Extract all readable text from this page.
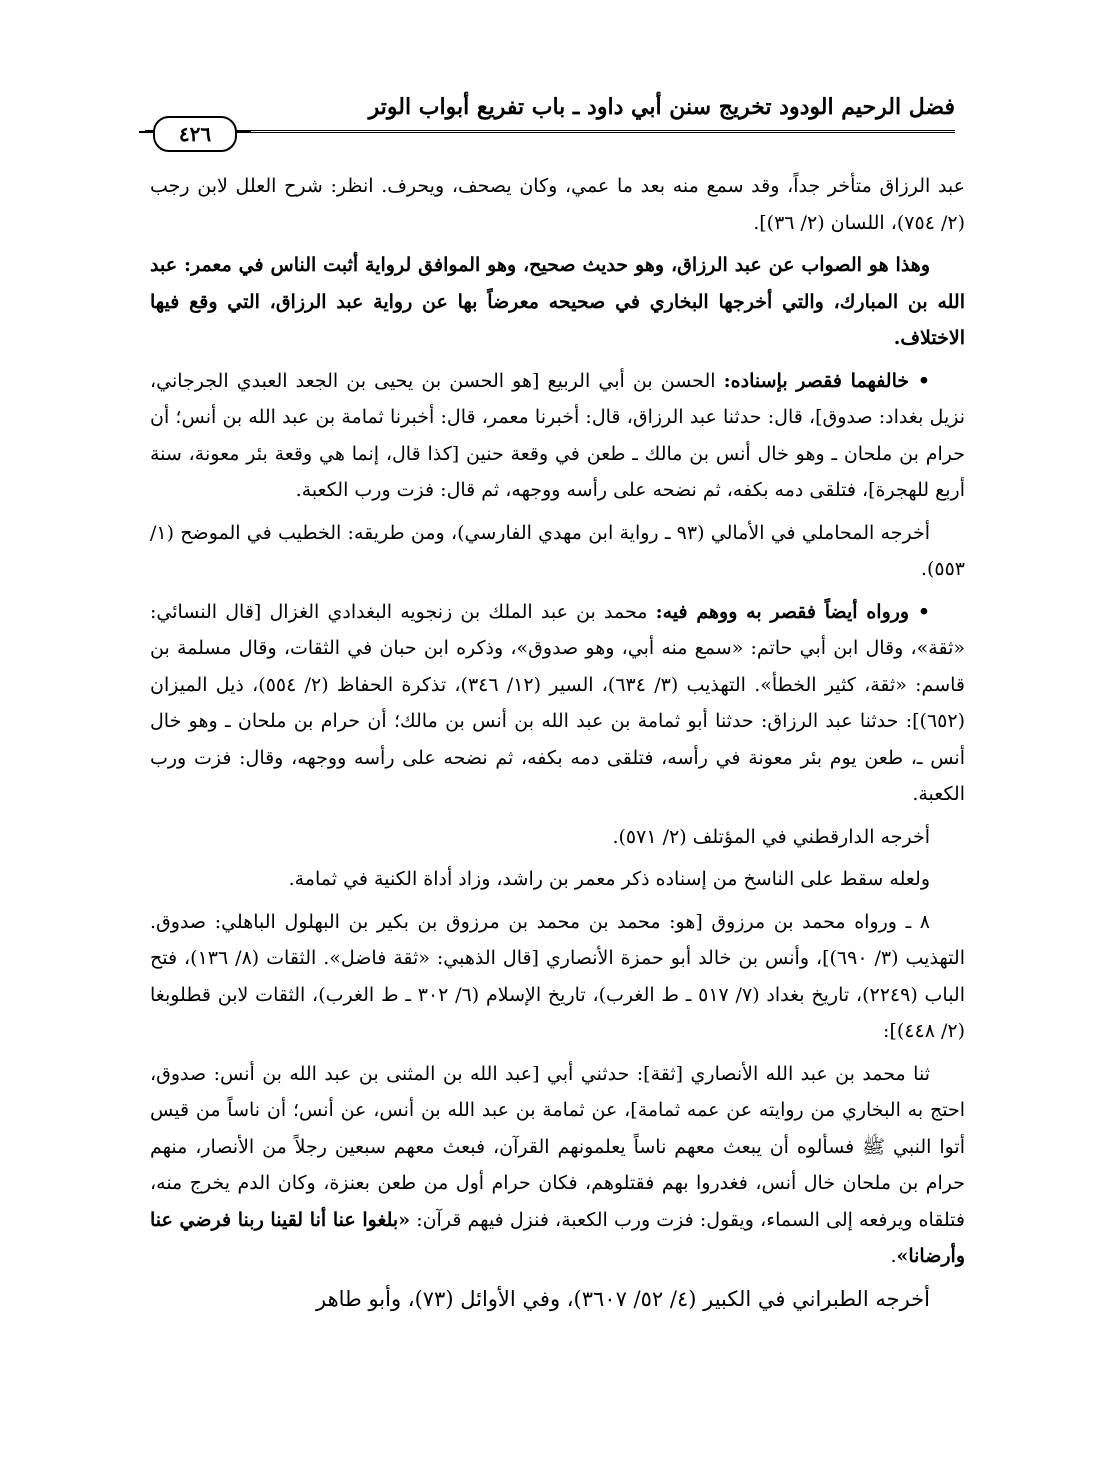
فضل الرحيم الودود تخريج سنن أبي داود ـ باب تفريع أبواب الوتر
٤٢٦

عبد الرزاق متأخر جداً، وقد سمع منه بعد ما عمي، وكان يصحف، ويحرف. انظر: شرح العلل لابن رجب (٢/ ٧٥٤)، اللسان (٢/ ٣٦)].

وهذا هو الصواب عن عبد الرزاق، وهو حديث صحيح، وهو الموافق لرواية أثبت الناس في معمر: عبد الله بن المبارك، والتي أخرجها البخاري في صحيحه معرضاً بها عن رواية عبد الرزاق، التي وقع فيها الاختلاف.

• خالفهما فقصر بإسناده: الحسن بن أبي الربيع [هو الحسن بن يحيى بن الجعد العبدي الجرجاني، نزيل بغداد: صدوق]، قال: حدثنا عبد الرزاق، قال: أخبرنا معمر، قال: أخبرنا ثمامة بن عبد الله بن أنس؛ أن حرام بن ملحان ـ وهو خال أنس بن مالك ـ طعن في وقعة حنين [كذا قال، إنما هي وقعة بئر معونة، سنة أربع للهجرة]، فتلقى دمه بكفه، ثم نضحه على رأسه ووجهه، ثم قال: فزت ورب الكعبة.

أخرجه المحاملي في الأمالي (٩٣ ـ رواية ابن مهدي الفارسي)، ومن طريقه: الخطيب في الموضح (١/ ٥٥٣).

• ورواه أيضاً فقصر به ووهم فيه: محمد بن عبد الملك بن زنجويه البغدادي الغزال [قال النسائي: «ثقة»، وقال ابن أبي حاتم: «سمع منه أبي، وهو صدوق»، وذكره ابن حبان في الثقات، وقال مسلمة بن قاسم: «ثقة، كثير الخطأ». التهذيب (٣/ ٦٣٤)، السير (١٢/ ٣٤٦)، تذكرة الحفاظ (٢/ ٥٥٤)، ذيل الميزان (٦٥٢)]: حدثنا عبد الرزاق: حدثنا أبو ثمامة بن عبد الله بن أنس بن مالك؛ أن حرام بن ملحان ـ وهو خال أنس ـ، طعن يوم بئر معونة في رأسه، فتلقى دمه بكفه، ثم نضحه على رأسه ووجهه، وقال: فزت ورب الكعبة.

أخرجه الدارقطني في المؤتلف (٢/ ٥٧١).

ولعله سقط على الناسخ من إسناده ذكر معمر بن راشد، وزاد أداة الكنية في ثمامة.

٨ ـ ورواه محمد بن مرزوق [هو: محمد بن محمد بن مرزوق بن بكير بن البهلول الباهلي: صدوق. التهذيب (٣/ ٦٩٠)]، وأنس بن خالد أبو حمزة الأنصاري [قال الذهبي: «ثقة فاضل». الثقات (٨/ ١٣٦)، فتح الباب (٢٢٤٩)، تاريخ بغداد (٧/ ٥١٧ ـ ط الغرب)، تاريخ الإسلام (٦/ ٣٠٢ ـ ط الغرب)، الثقات لابن قطلوبغا (٢/ ٤٤٨)]:

ثنا محمد بن عبد الله الأنصاري [ثقة]: حدثني أبي [عبد الله بن المثنى بن عبد الله بن أنس: صدوق، احتج به البخاري من روايته عن عمه ثمامة]، عن ثمامة بن عبد الله بن أنس، عن أنس؛ أن ناساً من قيس أتوا النبي ﷺ فسألوه أن يبعث معهم ناساً يعلمونهم القرآن، فبعث معهم سبعين رجلاً من الأنصار، منهم حرام بن ملحان خال أنس، فغدروا بهم فقتلوهم، فكان حرام أول من طعن بعنزة، وكان الدم يخرج منه، فتلقاه ويرفعه إلى السماء، ويقول: فزت ورب الكعبة، فنزل فيهم قرآن: «بلغوا عنا أنا لقينا ربنا فرضي عنا وأرضانا».

أخرجه الطبراني في الكبير (٤/ ٥٢/ ٣٦٠٧)، وفي الأوائل (٧٣)، وأبو طاهر
